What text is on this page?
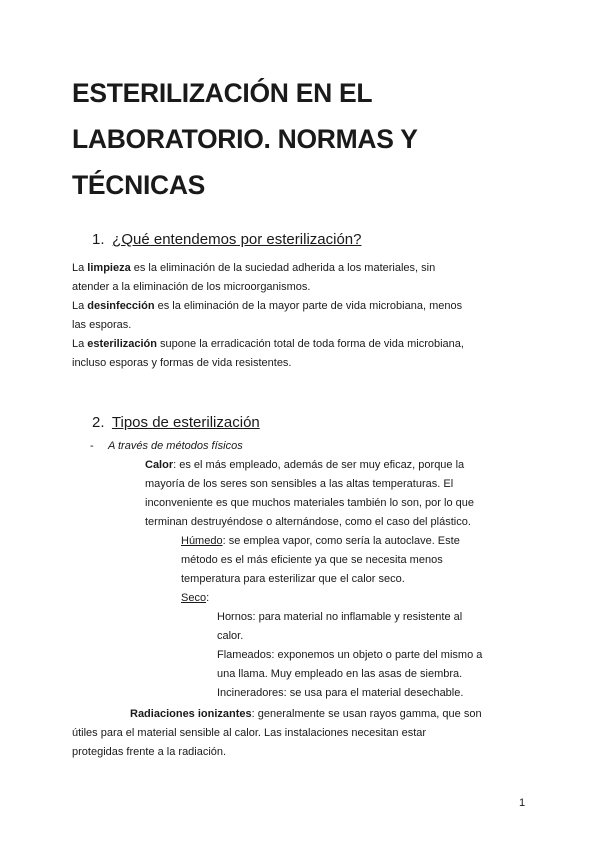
ESTERILIZACIÓN EN EL
LABORATORIO. NORMAS Y
TÉCNICAS
1. ¿Qué entendemos por esterilización?
La limpieza es la eliminación de la suciedad adherida a los materiales, sin
atender a la eliminación de los microorganismos.
La desinfección es la eliminación de la mayor parte de vida microbiana, menos
las esporas.
La esterilización supone la erradicación total de toda forma de vida microbiana,
incluso esporas y formas de vida resistentes.
2. Tipos de esterilización
- A través de métodos físicos
Calor: es el más empleado, además de ser muy eficaz, porque la
mayoría de los seres son sensibles a las altas temperaturas. El
inconveniente es que muchos materiales también lo son, por lo que
terminan destruyéndose o alternándose, como el caso del plástico.
Húmedo: se emplea vapor, como sería la autoclave. Este
método es el más eficiente ya que se necesita menos
temperatura para esterilizar que el calor seco.
Seco:
Hornos: para material no inflamable y resistente al
calor.
Flameados: exponemos un objeto o parte del mismo a
una llama. Muy empleado en las asas de siembra.
Incineradores: se usa para el material desechable.
Radiaciones ionizantes: generalmente se usan rayos gamma, que son
útiles para el material sensible al calor. Las instalaciones necesitan estar
protegidas frente a la radiación.
1
